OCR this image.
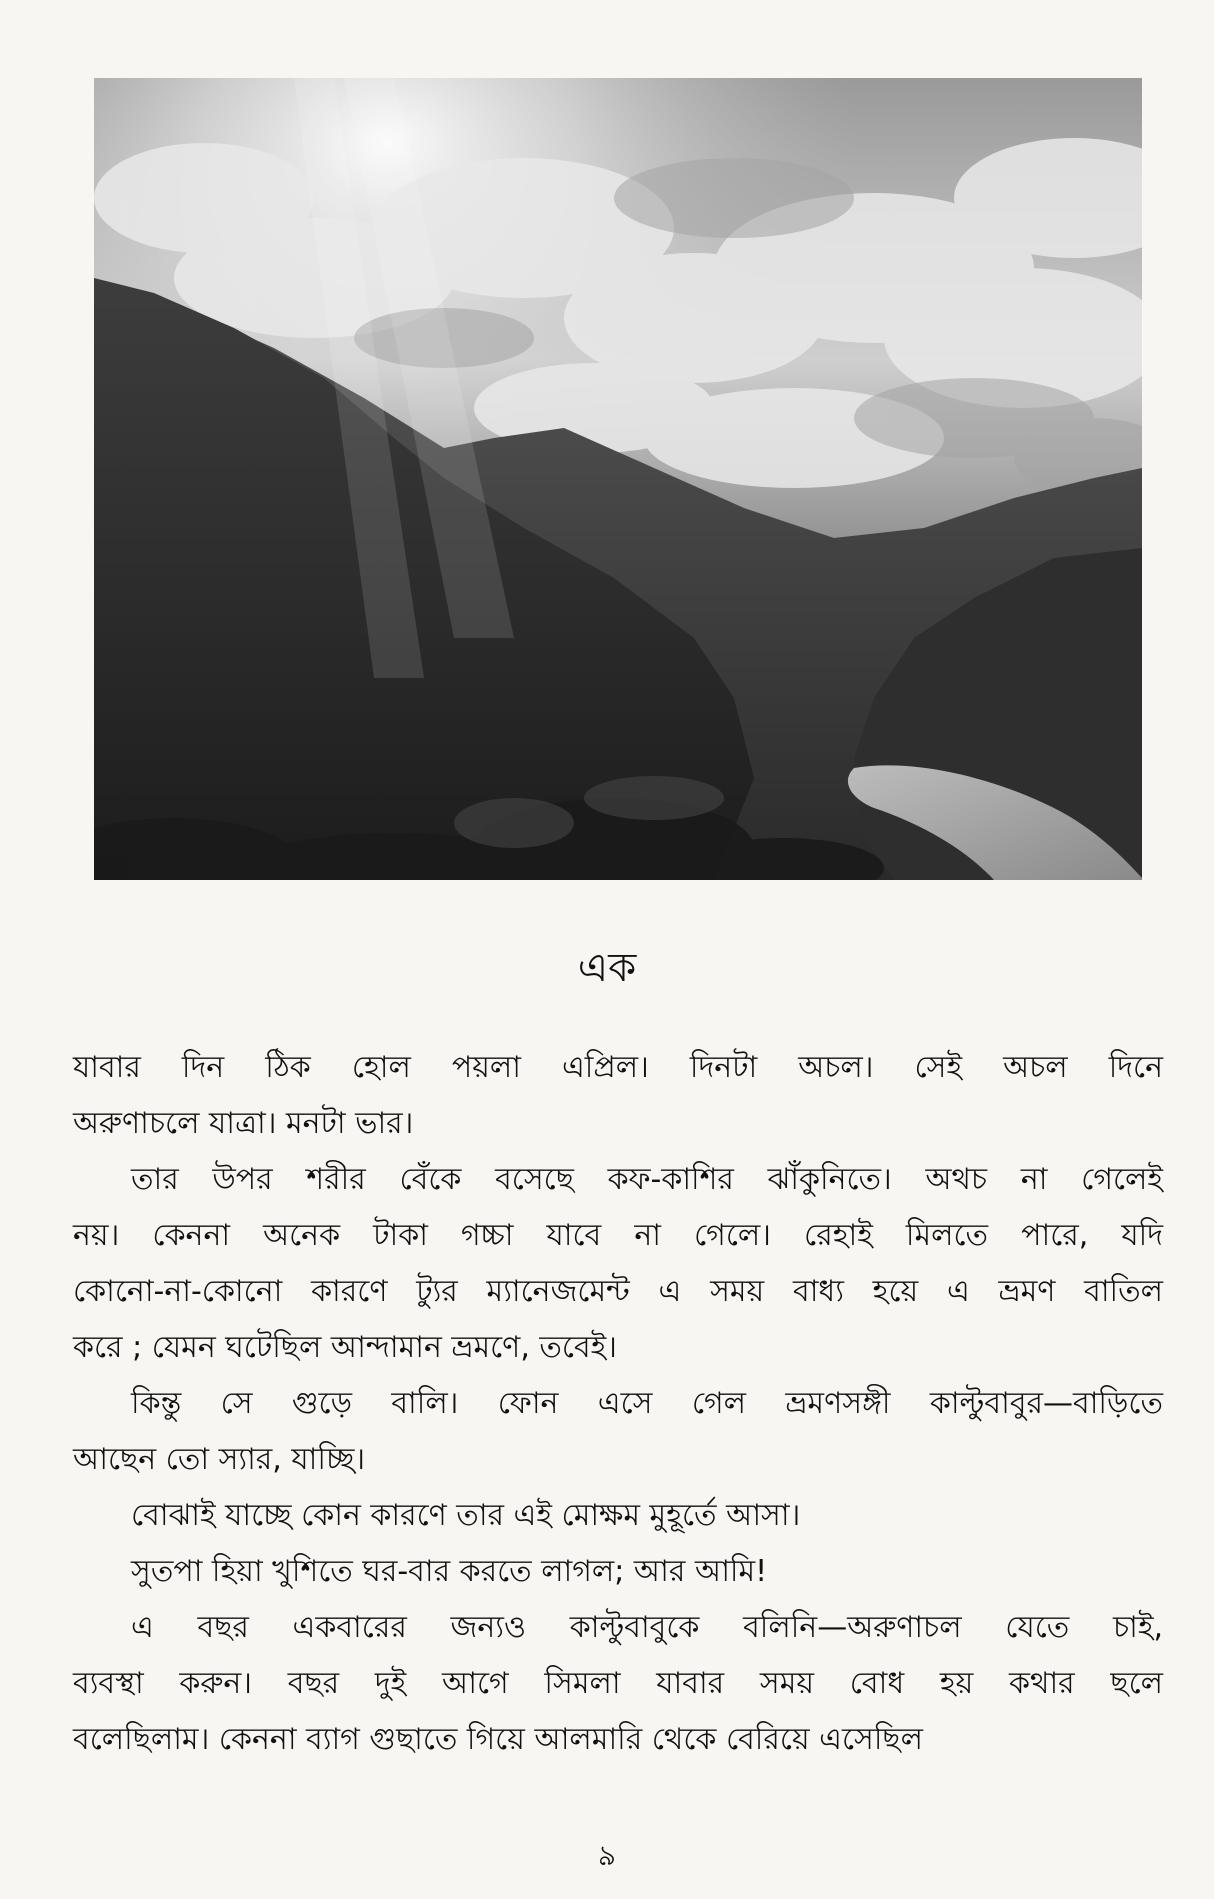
এক

যাবার দিন ঠিক হোল পয়লা এপ্রিল। দিনটা অচল। সেই অচল দিনে
অরুণাচলে যাত্রা। মনটা ভার।

তার উপর শরীর বেঁকে বসেছে কফ-কাশির ঝাঁকুনিতে। অথচ না গেলেই
নয়। কেননা অনেক টাকা গচ্চা যাবে না গেলে। রেহাই মিলতে পারে, যদি
কোনো-না-কোনো কারণে ট্যুর ম্যানেজমেন্ট এ সময় বাধ্য হয়ে এ ভ্রমণ বাতিল
করে ; যেমন ঘটেছিল আন্দামান ভ্রমণে, তবেই।

কিন্তু সে গুড়ে বালি। ফোন এসে গেল ভ্রমণসঙ্গী কাল্টুবাবুর—বাড়িতে
আছেন তো স্যার, যাচ্ছি।

বোঝাই যাচ্ছে কোন কারণে তার এই মোক্ষম মুহূর্তে আসা।

সুতপা হিয়া খুশিতে ঘর-বার করতে লাগল; আর আমি!

এ বছর একবারের জন্যও কাল্টুবাবুকে বলিনি—অরুণাচল যেতে চাই,
ব্যবস্থা করুন। বছর দুই আগে সিমলা যাবার সময় বোধ হয় কথার ছলে
বলেছিলাম। কেননা ব্যাগ গুছাতে গিয়ে আলমারি থেকে বেরিয়ে এসেছিল

৯
